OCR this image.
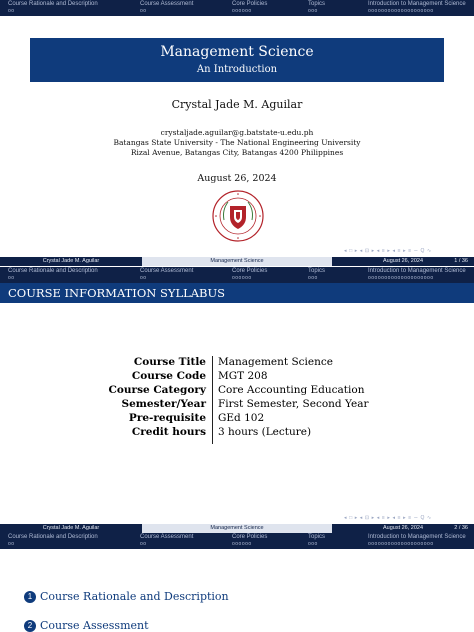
Course Rationale and Description	Course Assessment	Core Policies	Topics	Introduction to Management Science
oo	oo	oooooo	ooo	oooooooooooooooooooo
Management Science
An Introduction
Crystal Jade M. Aguilar
crystaljade.aguilar@g.batstate-u.edu.ph
Batangas State University - The National Engineering University
Rizal Avenue, Batangas City, Batangas 4200 Philippines
August 26, 2024
◂ □ ▸ ◂ ⊡ ▸ ◂ ≡ ▸ ◂ ≡ ▸ ≡ ∽ Q ∿
Crystal Jade M. Aguilar	Management Science	August 26, 2024	1 / 36
Course Rationale and Description	Course Assessment	Core Policies	Topics	Introduction to Management Science
oo	oo	oooooo	ooo	oooooooooooooooooooo
COURSE INFORMATION SYLLABUS
Course Title Management Science
Course Code MGT 208
Course Category Core Accounting Education
Semester/Year First Semester, Second Year
Pre-requisite GEd 102
Credit hours 3 hours (Lecture)
◂ □ ▸ ◂ ⊡ ▸ ◂ ≡ ▸ ◂ ≡ ▸ ≡ ∽ Q ∿
Crystal Jade M. Aguilar	Management Science	August 26, 2024	2 / 36
Course Rationale and Description	Course Assessment	Core Policies	Topics	Introduction to Management Science
oo	oo	oooooo	ooo	oooooooooooooooooooo
1 Course Rationale and Description
2 Course Assessment
